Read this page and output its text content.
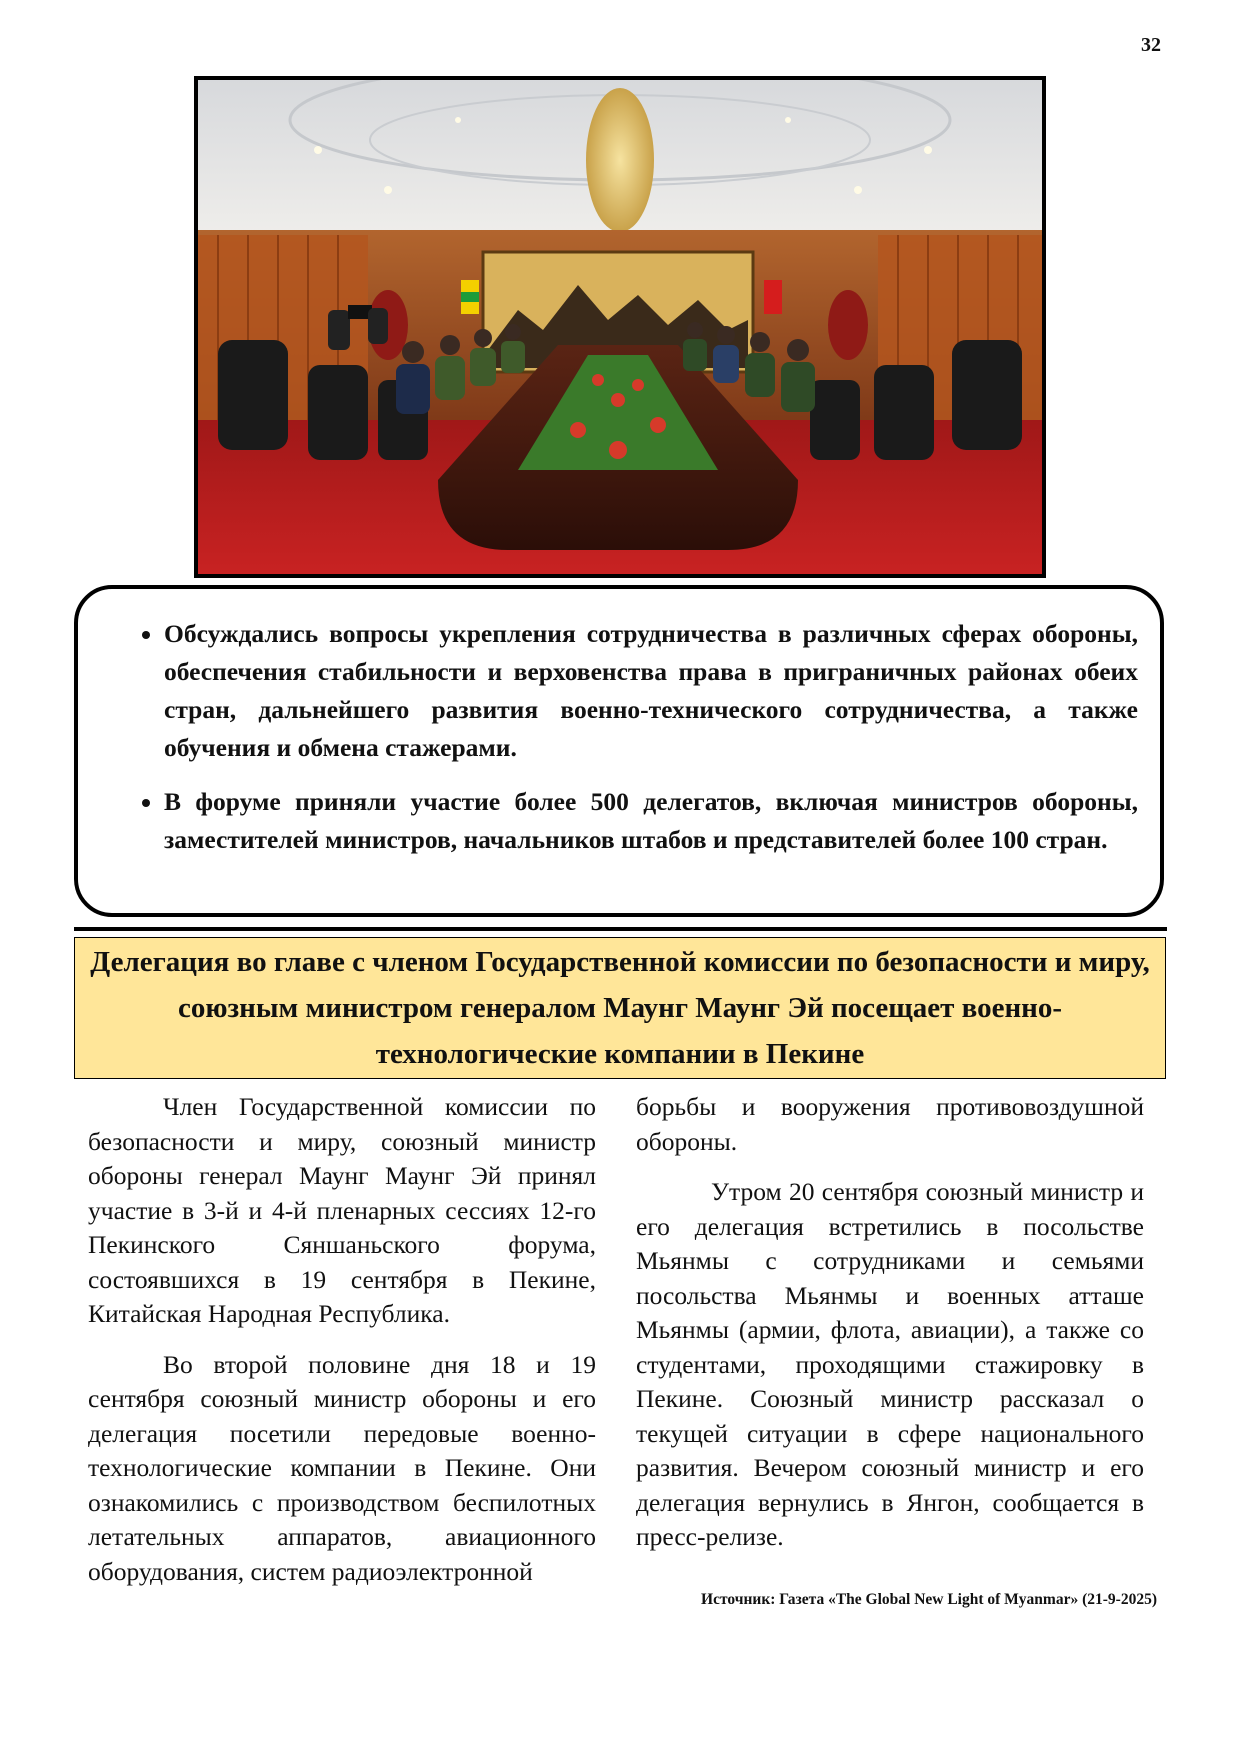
32
• Обсуждались вопросы укрепления сотрудничества в различных сферах обороны, обеспечения стабильности и верховенства права в приграничных районах обеих стран, дальнейшего развития военно-технического сотрудничества, а также обучения и обмена стажерами.
• В форуме приняли участие более 500 делегатов, включая министров обороны, заместителей министров, начальников штабов и представителей более 100 стран.
Делегация во главе с членом Государственной комиссии по безопасности и миру, союзным министром генералом Маунг Маунг Эй посещает военно-технологические компании в Пекине

Член Государственной комиссии по безопасности и миру, союзный министр обороны генерал Маунг Маунг Эй принял участие в 3-й и 4-й пленарных сессиях 12-го Пекинского Сяншаньского форума, состоявшихся в 19 сентября в Пекине, Китайская Народная Республика.

Во второй половине дня 18 и 19 сентября союзный министр обороны и его делегация посетили передовые военно-технологические компании в Пекине. Они ознакомились с производством беспилотных летательных аппаратов, авиационного оборудования, систем радиоэлектронной

борьбы и вооружения противовоздушной обороны.

Утром 20 сентября союзный министр и его делегация встретились в посольстве Мьянмы с сотрудниками и семьями посольства Мьянмы и военных атташе Мьянмы (армии, флота, авиации), а также со студентами, проходящими стажировку в Пекине. Союзный министр рассказал о текущей ситуации в сфере национального развития. Вечером союзный министр и его делегация вернулись в Янгон, сообщается в пресс-релизе.

Источник: Газета «The Global New Light of Myanmar» (21-9-2025)
